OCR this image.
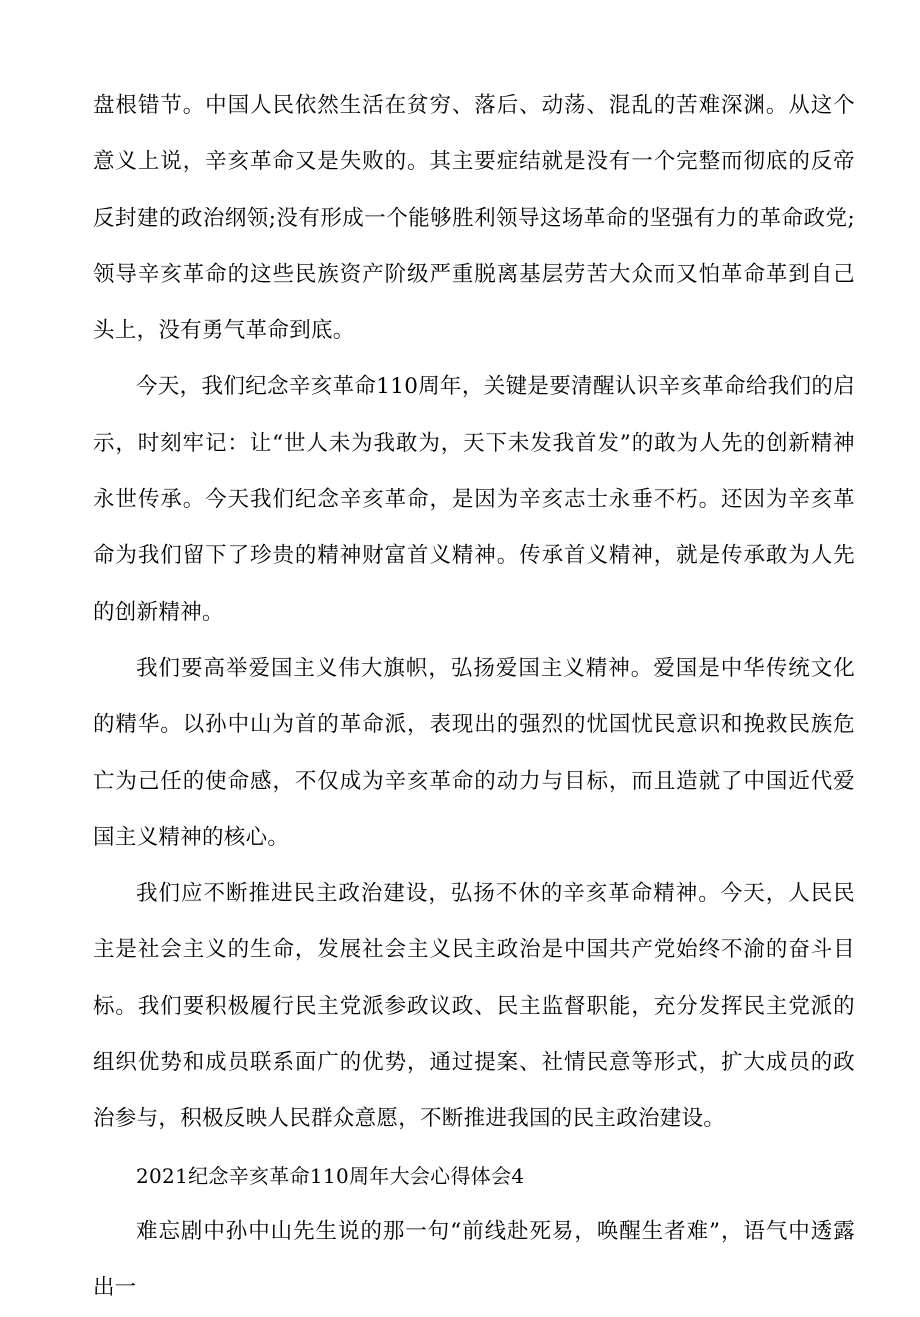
盘根错节。中国人民依然生活在贫穷、落后、动荡、混乱的苦难深渊。从这个意义上说，辛亥革命又是失败的。其主要症结就是没有一个完整而彻底的反帝反封建的政治纲领;没有形成一个能够胜利领导这场革命的坚强有力的革命政党;领导辛亥革命的这些民族资产阶级严重脱离基层劳苦大众而又怕革命革到自己头上，没有勇气革命到底。

今天，我们纪念辛亥革命110周年，关键是要清醒认识辛亥革命给我们的启示，时刻牢记：让“世人未为我敢为，天下未发我首发”的敢为人先的创新精神永世传承。今天我们纪念辛亥革命，是因为辛亥志士永垂不朽。还因为辛亥革命为我们留下了珍贵的精神财富首义精神。传承首义精神，就是传承敢为人先的创新精神。

我们要高举爱国主义伟大旗帜，弘扬爱国主义精神。爱国是中华传统文化的精华。以孙中山为首的革命派，表现出的强烈的忧国忧民意识和挽救民族危亡为己任的使命感，不仅成为辛亥革命的动力与目标，而且造就了中国近代爱国主义精神的核心。

我们应不断推进民主政治建设，弘扬不休的辛亥革命精神。今天，人民民主是社会主义的生命，发展社会主义民主政治是中国共产党始终不渝的奋斗目标。我们要积极履行民主党派参政议政、民主监督职能，充分发挥民主党派的组织优势和成员联系面广的优势，通过提案、社情民意等形式，扩大成员的政治参与，积极反映人民群众意愿，不断推进我国的民主政治建设。

2021纪念辛亥革命110周年大会心得体会4

难忘剧中孙中山先生说的那一句“前线赴死易，唤醒生者难”，语气中透露出一
